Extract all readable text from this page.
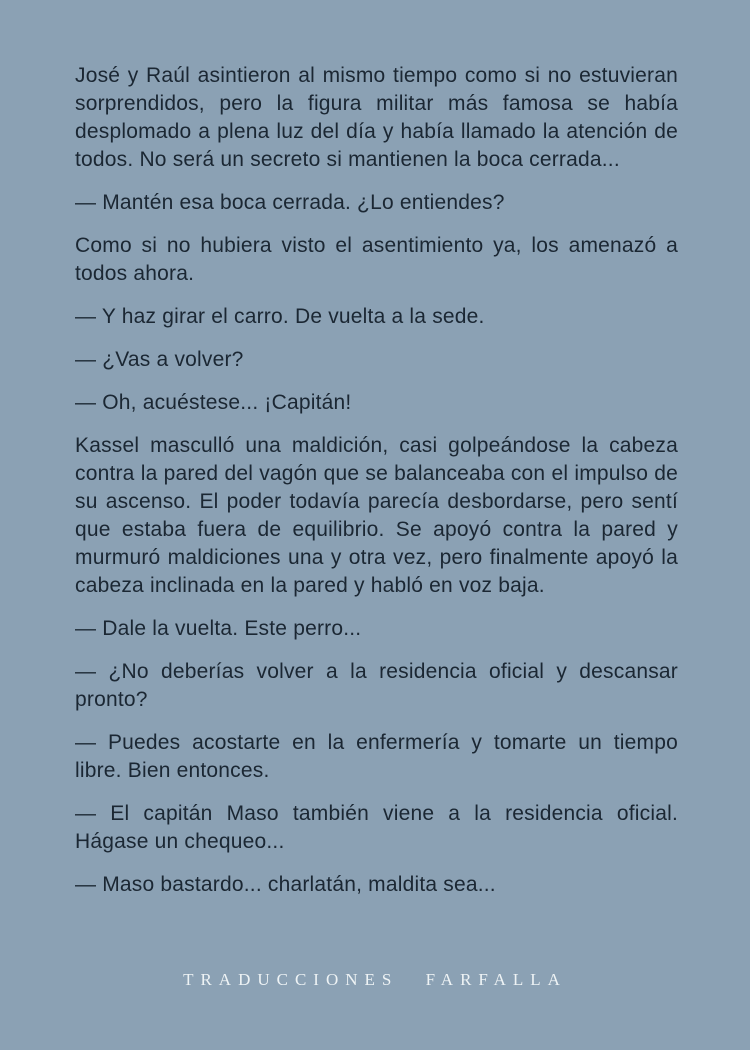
José y Raúl asintieron al mismo tiempo como si no estuvieran sorprendidos, pero la figura militar más famosa se había desplomado a plena luz del día y había llamado la atención de todos. No será un secreto si mantienen la boca cerrada...

— Mantén esa boca cerrada. ¿Lo entiendes?

Como si no hubiera visto el asentimiento ya, los amenazó a todos ahora.

— Y haz girar el carro. De vuelta a la sede.

— ¿Vas a volver?

— Oh, acuéstese... ¡Capitán!

Kassel masculló una maldición, casi golpeándose la cabeza contra la pared del vagón que se balanceaba con el impulso de su ascenso. El poder todavía parecía desbordarse, pero sentí que estaba fuera de equilibrio. Se apoyó contra la pared y murmuró maldiciones una y otra vez, pero finalmente apoyó la cabeza inclinada en la pared y habló en voz baja.

— Dale la vuelta. Este perro...

— ¿No deberías volver a la residencia oficial y descansar pronto?

— Puedes acostarte en la enfermería y tomarte un tiempo libre. Bien entonces.

— El capitán Maso también viene a la residencia oficial. Hágase un chequeo...

— Maso bastardo... charlatán, maldita sea...

TRADUCCIONES FARFALLA
